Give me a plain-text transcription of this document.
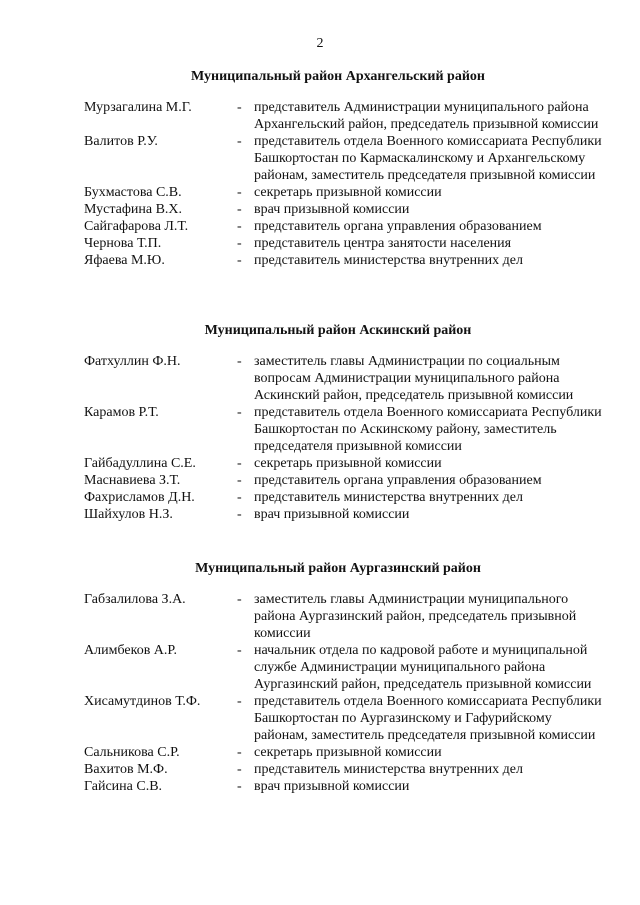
2
Муниципальный район Архангельский район
Мурзагалина М.Г.	- представитель Администрации муниципального района Архангельский район, председатель призывной комиссии
Валитов Р.У.	- представитель отдела Военного комиссариата Республики Башкортостан по Кармаскалинскому и Архангельскому районам, заместитель председателя призывной комиссии
Бухмастова С.В.	- секретарь призывной комиссии
Мустафина В.Х.	- врач призывной комиссии
Сайгафарова Л.Т.	- представитель органа управления образованием
Чернова Т.П.	- представитель центра занятости населения
Яфаева М.Ю.	- представитель министерства внутренних дел
Муниципальный район Аскинский район
Фатхуллин Ф.Н.	- заместитель главы Администрации по социальным вопросам Администрации муниципального района Аскинский район, председатель призывной комиссии
Карамов Р.Т.	- представитель отдела Военного комиссариата Республики Башкортостан по Аскинскому району, заместитель председателя призывной комиссии
Гайбадуллина С.Е.	- секретарь призывной комиссии
Маснавиева З.Т.	- представитель органа управления образованием
Фахрисламов Д.Н.	- представитель министерства внутренних дел
Шайхулов Н.З.	- врач призывной комиссии
Муниципальный район Аургазинский район
Габзалилова З.А.	- заместитель главы Администрации муниципального района Аургазинский район, председатель призывной комиссии
Алимбеков А.Р.	- начальник отдела по кадровой работе и муниципальной службе Администрации муниципального района Аургазинский район, председатель призывной комиссии
Хисамутдинов Т.Ф.	- представитель отдела Военного комиссариата Республики Башкортостан по Аургазинскому и Гафурийскому районам, заместитель председателя призывной комиссии
Сальникова С.Р.	- секретарь призывной комиссии
Вахитов М.Ф.	- представитель министерства внутренних дел
Гайсина С.В.	- врач призывной комиссии
